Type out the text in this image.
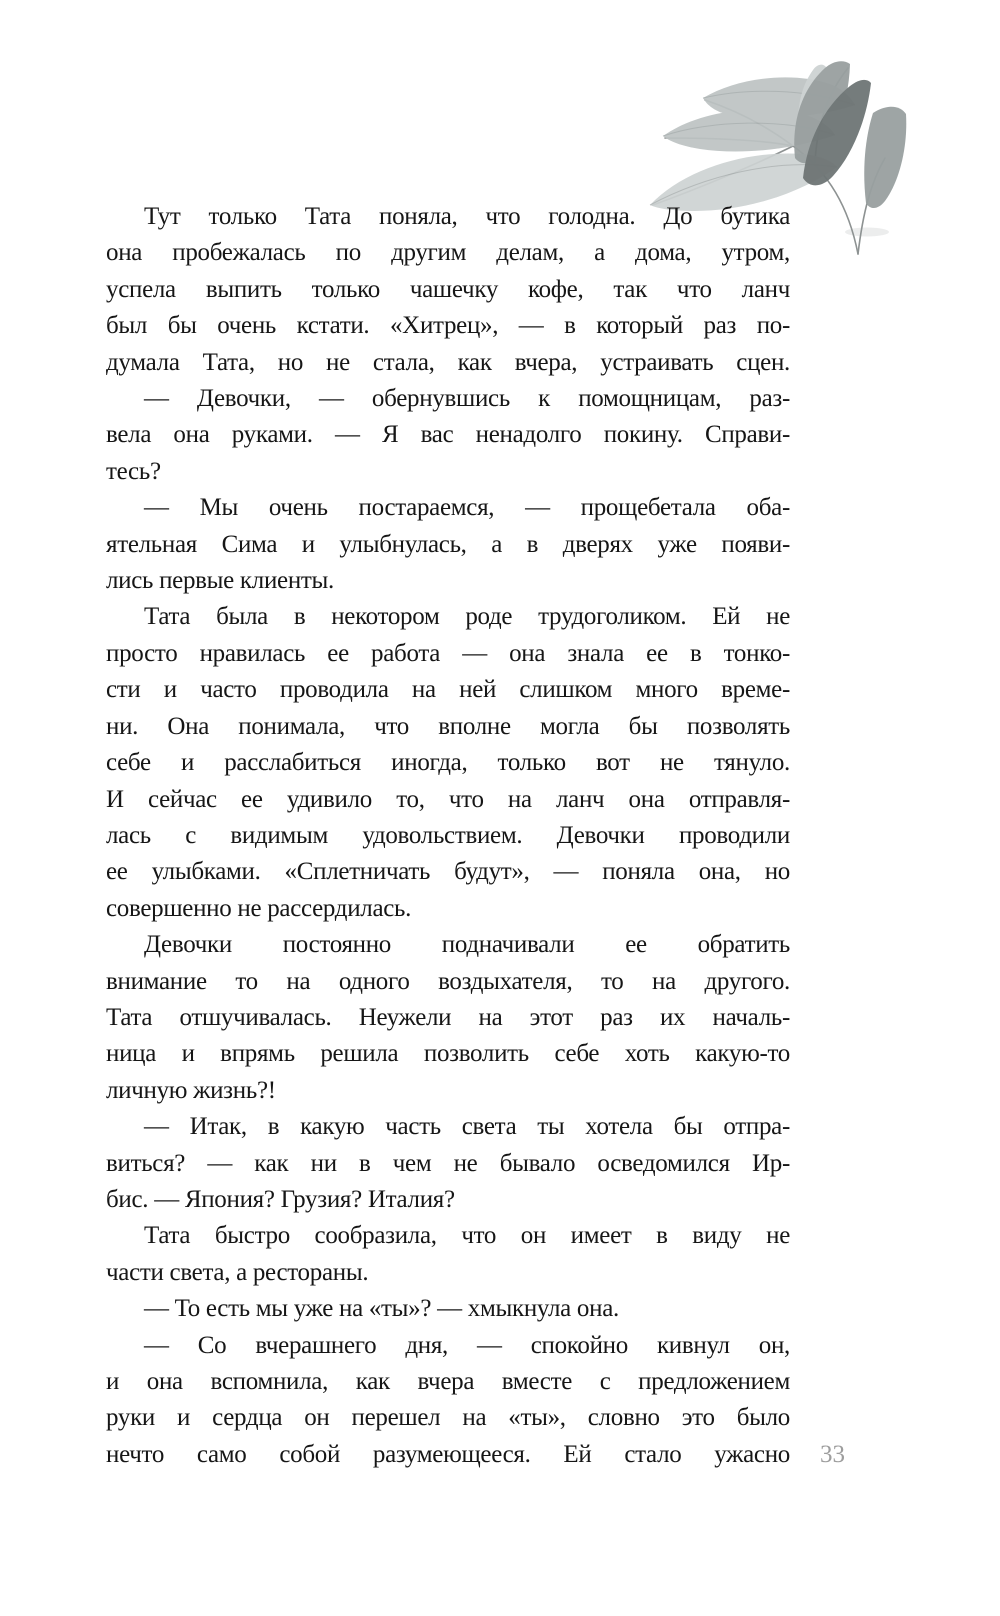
Тут только Тата поняла, что голодна. До бутика
она пробежалась по другим делам, а дома, утром,
успела выпить только чашечку кофе, так что ланч
был бы очень кстати. «Хитрец», — в который раз по-
думала Тата, но не стала, как вчера, устраивать сцен.
— Девочки, — обернувшись к помощницам, раз-
вела она руками. — Я вас ненадолго покину. Справи-
тесь?
— Мы очень постараемся, — прощебетала оба-
ятельная Сима и улыбнулась, а в дверях уже появи-
лись первые клиенты.
Тата была в некотором роде трудоголиком. Ей не
просто нравилась ее работа — она знала ее в тонко-
сти и часто проводила на ней слишком много време-
ни. Она понимала, что вполне могла бы позволять
себе и расслабиться иногда, только вот не тянуло.
И сейчас ее удивило то, что на ланч она отправля-
лась с видимым удовольствием. Девочки проводили
ее улыбками. «Сплетничать будут», — поняла она, но
совершенно не рассердилась.
Девочки постоянно подначивали ее обратить
внимание то на одного воздыхателя, то на другого.
Тата отшучивалась. Неужели на этот раз их началь-
ница и впрямь решила позволить себе хоть какую-то
личную жизнь?!
— Итак, в какую часть света ты хотела бы отпра-
виться? — как ни в чем не бывало осведомился Ир-
бис. — Япония? Грузия? Италия?
Тата быстро сообразила, что он имеет в виду не
части света, а рестораны.
— То есть мы уже на «ты»? — хмыкнула она.
— Со вчерашнего дня, — спокойно кивнул он,
и она вспомнила, как вчера вместе с предложением
руки и сердца он перешел на «ты», словно это было
нечто само собой разумеющееся. Ей стало ужасно 33
